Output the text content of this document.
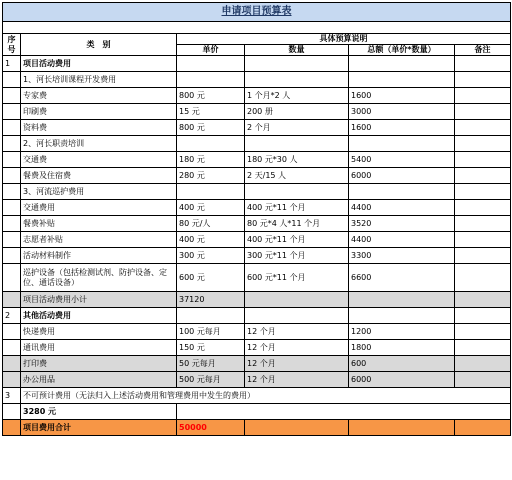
申请项目预算表					

序号	类　别	具体预算说明			
		单价	数量	总额（单价*数量）	备注
1	项目活动费用				
	1、河长培训课程开发费用				
	专家费	800 元	1 个月*2 人	1600	
	印刷费	15 元	200 册	3000	
	资料费	800 元	2 个月	1600	
	2、河长职责培训				
	交通费	180 元	180 元*30 人	5400	
	餐费及住宿费	280 元	2 天/15 人	6000	
	3、河流巡护费用				
	交通费用	400 元	400 元*11 个月	4400	
	餐费补贴	80 元/人	80 元*4 人*11 个月	3520	
	志愿者补贴	400 元	400 元*11 个月	4400	
	活动材料制作	300 元	300 元*11 个月	3300	
	巡护设备（包括检测试剂、防护设备、定位、通话设备）	600 元	600 元*11 个月	6600	
	项目活动费用小计	37120			
2	其他活动费用				
	快递费用	100 元每月	12 个月	1200	
	通讯费用	150 元	12 个月	1800	
	打印费	50 元每月	12 个月	600	
	办公用品	500 元每月	12 个月	6000	
3	不可预计费用（无法归入上述活动费用和管理费用中发生的费用）				
	3280 元				
	项目费用合计	50000			
